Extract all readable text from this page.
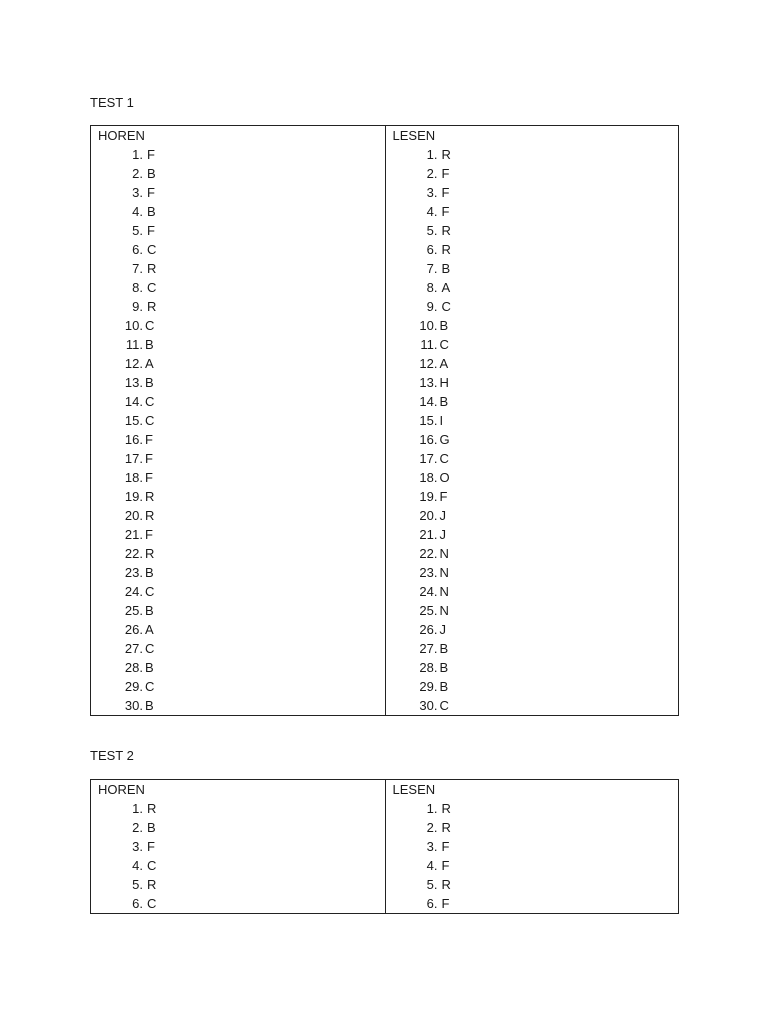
TEST 1
HOREN
1. F
2. B
3. F
4. B
5. F
6. C
7. R
8. C
9. R
10. C
11. B
12. A
13. B
14. C
15. C
16. F
17. F
18. F
19. R
20. R
21. F
22. R
23. B
24. C
25. B
26. A
27. C
28. B
29. C
30. B
LESEN
1. R
2. F
3. F
4. F
5. R
6. R
7. B
8. A
9. C
10. B
11. C
12. A
13. H
14. B
15. I
16. G
17. C
18. O
19. F
20. J
21. J
22. N
23. N
24. N
25. N
26. J
27. B
28. B
29. B
30. C
TEST 2
HOREN
1. R
2. B
3. F
4. C
5. R
6. C
LESEN
1. R
2. R
3. F
4. F
5. R
6. F
